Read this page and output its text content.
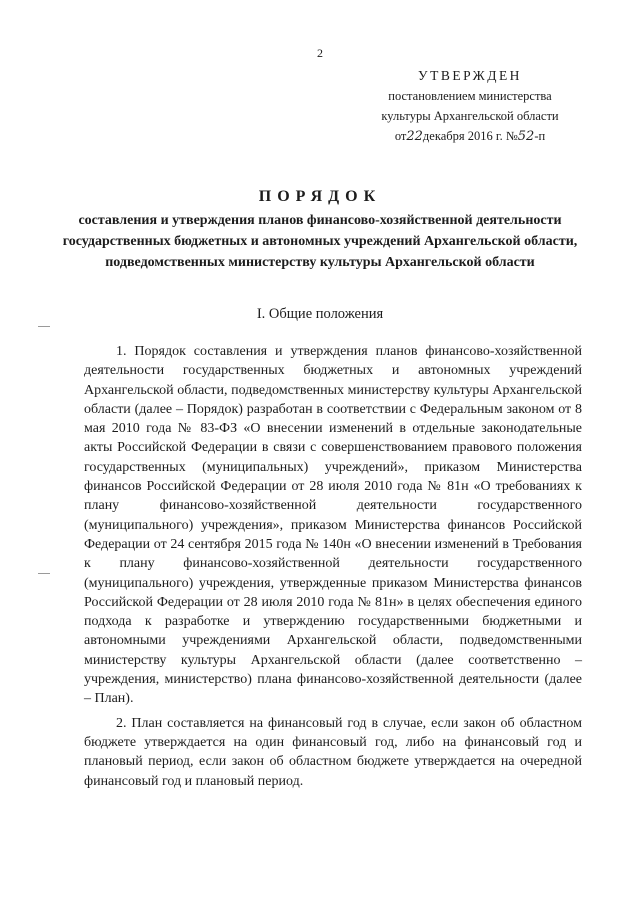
2
УТВЕРЖДЕН
постановлением министерства
культуры Архангельской области
от22декабря 2016 г. №52-п
ПОРЯДОК
составления и утверждения планов финансово-хозяйственной деятельности государственных бюджетных и автономных учреждений Архангельской области, подведомственных министерству культуры Архангельской области
I. Общие положения

1. Порядок составления и утверждения планов финансово-хозяйственной деятельности государственных бюджетных и автономных учреждений Архангельской области, подведомственных министерству культуры Архангельской области (далее – Порядок) разработан в соответствии с Федеральным законом от 8 мая 2010 года № 83-ФЗ «О внесении изменений в отдельные законодательные акты Российской Федерации в связи с совершенствованием правового положения государственных (муниципальных) учреждений», приказом Министерства финансов Российской Федерации от 28 июля 2010 года № 81н «О требованиях к плану финансово-хозяйственной деятельности государственного (муниципального) учреждения», приказом Министерства финансов Российской Федерации от 24 сентября 2015 года № 140н «О внесении изменений в Требования к плану финансово-хозяйственной деятельности государственного (муниципального) учреждения, утвержденные приказом Министерства финансов Российской Федерации от 28 июля 2010 года № 81н» в целях обеспечения единого подхода к разработке и утверждению государственными бюджетными и автономными учреждениями Архангельской области, подведомственными министерству культуры Архангельской области (далее соответственно – учреждения, министерство) плана финансово-хозяйственной деятельности (далее – План).

2. План составляется на финансовый год в случае, если закон об областном бюджете утверждается на один финансовый год, либо на финансовый год и плановый период, если закон об областном бюджете утверждается на очередной финансовый год и плановый период.
